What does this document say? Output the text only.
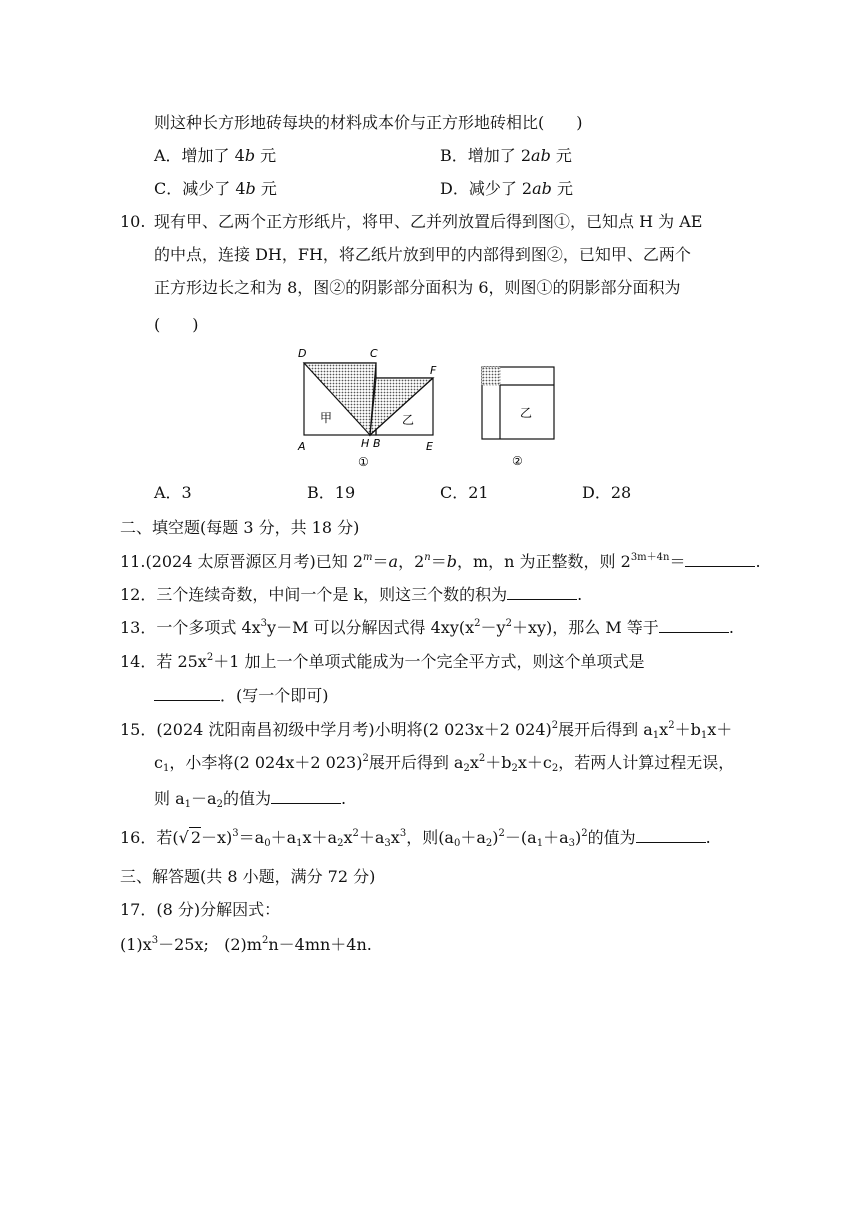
则这种长方形地砖每块的材料成本价与正方形地砖相比(　　)
A．增加了 4b 元	B．增加了 2ab 元
C．减少了 4b 元	D．减少了 2ab 元
10. 现有甲、乙两个正方形纸片，将甲、乙并列放置后得到图①，已知点 H 为 AE
的中点，连接 DH，FH，将乙纸片放到甲的内部得到图②，已知甲、乙两个
正方形边长之和为 8，图②的阴影部分面积为 6，则图①的阴影部分面积为
(　　)
D	C
F
A	H B	E
甲	乙
①
乙
②
A．3	B．19	C．21	D．28
二、填空题(每题 3 分，共 18 分)
11.(2024 太原晋源区月考)已知 $2^m=a$，$2^n=b$，m，n 为正整数，则 $2^{3m+4n}=$	.
12．三个连续奇数，中间一个是 k，则这三个数的积为	.
13．一个多项式 $4x^3y-M$ 可以分解因式得 $4xy(x^2-y^2+xy)$，那么 M 等于	.
14．若 $25x^2+1$ 加上一个单项式能成为一个完全平方式，则这个单项式是
．(写一个即可)
15．(2024 沈阳南昌初级中学月考)小明将(2 023x＋2 024)$^2$展开后得到 $a_1x^2+b_1x+$
$c_1$，小李将(2 024x＋2 023)$^2$展开后得到 $a_2x^2+b_2x+c_2$，若两人计算过程无误，
则 $a_1-a_2$的值为	.
16．若(√ $2-x)^3=a_0+a_1x+a_2x^2+a_3x^3$，则$(a_0+a_2)^2-(a_1+a_3)^2$的值为	.
三、解答题(共 8 小题，满分 72 分)
17．(8 分)分解因式：
$(1)x^3-25x$; $(2)m^2n-4mn+4n$.
